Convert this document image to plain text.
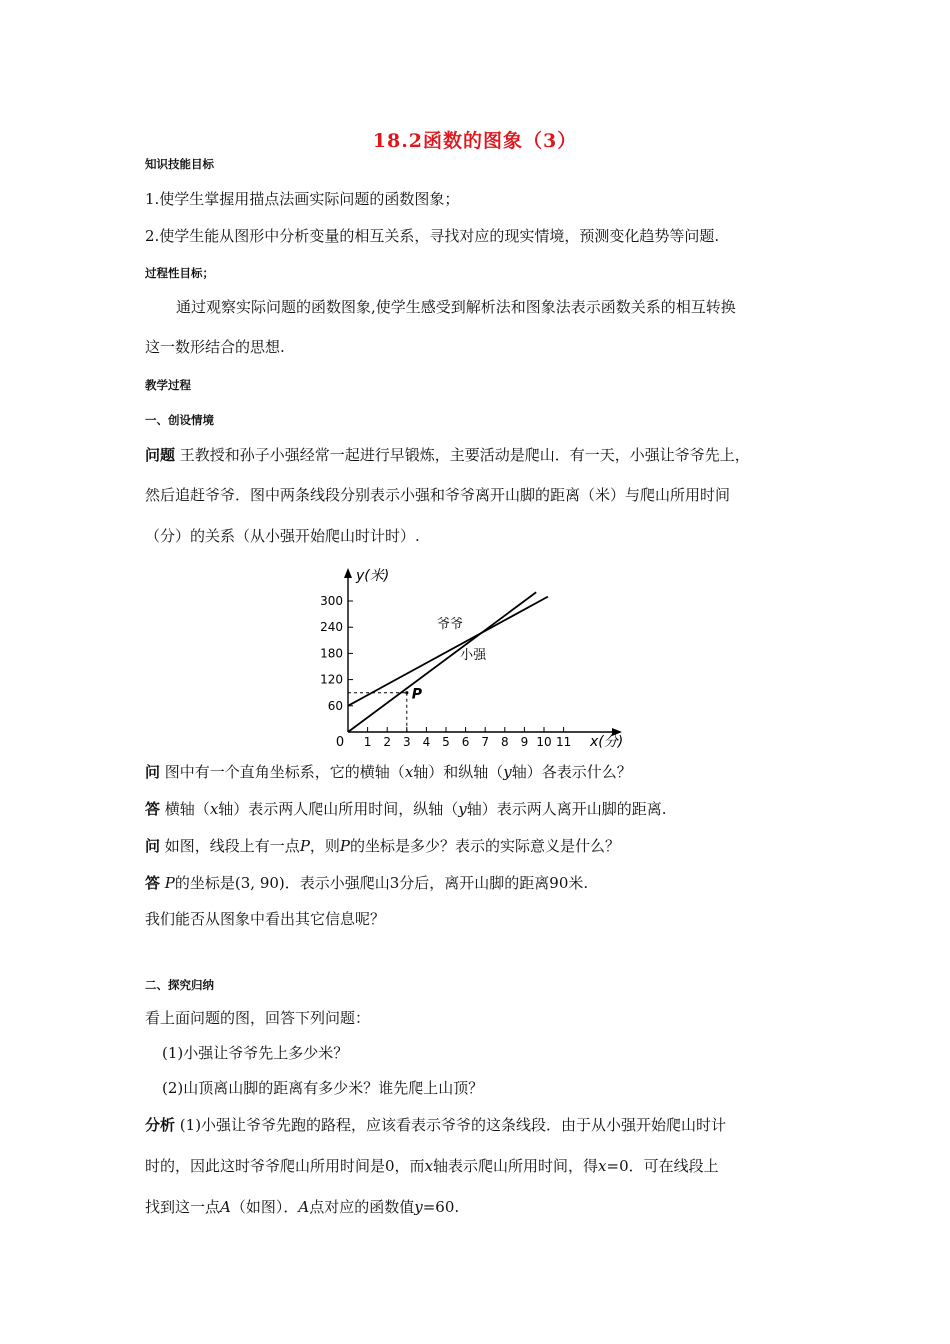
18.2函数的图象（3）
知识技能目标
1.使学生掌握用描点法画实际问题的函数图象；
2.使学生能从图形中分析变量的相互关系，寻找对应的现实情境，预测变化趋势等问题.
过程性目标；
通过观察实际问题的函数图象,使学生感受到解析法和图象法表示函数关系的相互转换
这一数形结合的思想.
教学过程
一、创设情境
问题 王教授和孙子小强经常一起进行早锻炼，主要活动是爬山．有一天，小强让爷爷先上，
然后追赶爷爷．图中两条线段分别表示小强和爷爷离开山脚的距离（米）与爬山所用时间
（分）的关系（从小强开始爬山时计时）.
1 2 3 4 5 6 7 8 9 10 11
60
120
180
240
300
爷爷
小强
P
0
y(米)
x(分)
问 图中有一个直角坐标系，它的横轴（x轴）和纵轴（y轴）各表示什么？
答 横轴（x轴）表示两人爬山所用时间，纵轴（y轴）表示两人离开山脚的距离.
问 如图，线段上有一点P，则P的坐标是多少？表示的实际意义是什么？
答 P的坐标是(3, 90)．表示小强爬山3分后，离开山脚的距离90米.
我们能否从图象中看出其它信息呢？
二、探究归纳
看上面问题的图，回答下列问题：
(1)小强让爷爷先上多少米？
(2)山顶离山脚的距离有多少米？谁先爬上山顶？
分析 (1)小强让爷爷先跑的路程，应该看表示爷爷的这条线段．由于从小强开始爬山时计
时的，因此这时爷爷爬山所用时间是0，而x轴表示爬山所用时间，得x=0．可在线段上
找到这一点A（如图）．A点对应的函数值y=60.
